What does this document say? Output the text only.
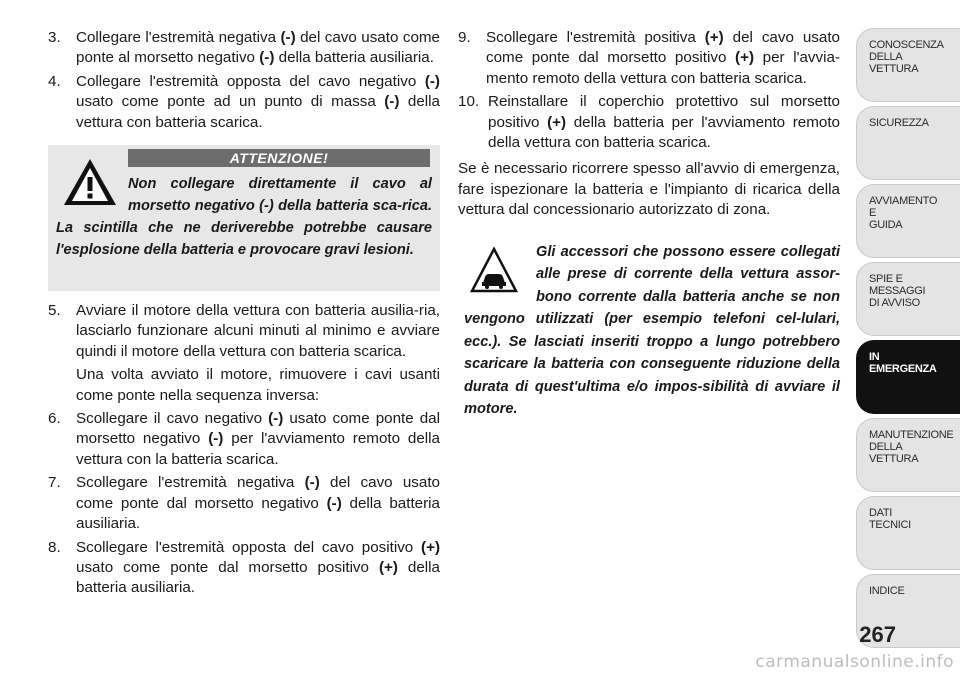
3. Collegare l'estremità negativa (-) del cavo usato come ponte al morsetto negativo (-) della batteria ausiliaria.
4. Collegare l'estremità opposta del cavo negativo (-) usato come ponte ad un punto di massa (-) della vettura con batteria scarica.
ATTENZIONE!
Non collegare direttamente il cavo al morsetto negativo (-) della batteria sca-rica. La scintilla che ne deriverebbe potrebbe causare l'esplosione della batteria e provocare gravi lesioni.
5. Avviare il motore della vettura con batteria ausilia-ria, lasciarlo funzionare alcuni minuti al minimo e avviare quindi il motore della vettura con batteria scarica.
Una volta avviato il motore, rimuovere i cavi usanti come ponte nella sequenza inversa:
6. Scollegare il cavo negativo (-) usato come ponte dal morsetto negativo (-) per l'avviamento remoto della vettura con la batteria scarica.
7. Scollegare l'estremità negativa (-) del cavo usato come ponte dal morsetto negativo (-) della batteria ausiliaria.
8. Scollegare l'estremità opposta del cavo positivo (+) usato come ponte dal morsetto positivo (+) della batteria ausiliaria.
9. Scollegare l'estremità positiva (+) del cavo usato come ponte dal morsetto positivo (+) per l'avvia-mento remoto della vettura con batteria scarica.
10. Reinstallare il coperchio protettivo sul morsetto positivo (+) della batteria per l'avviamento remoto della vettura con batteria scarica.
Se è necessario ricorrere spesso all'avvio di emergenza, fare ispezionare la batteria e l'impianto di ricarica della vettura dal concessionario autorizzato di zona.
Gli accessori che possono essere collegati alle prese di corrente della vettura assor-bono corrente dalla batteria anche se non vengono utilizzati (per esempio telefoni cel-lulari, ecc.). Se lasciati inseriti troppo a lungo potrebbero scaricare la batteria con conseguente riduzione della durata di quest'ultima e/o impos-sibilità di avviare il motore.
CONOSCENZA
DELLA
VETTURA
SICUREZZA
AVVIAMENTO
E
GUIDA
SPIE E
MESSAGGI
DI AVVISO
IN
EMERGENZA
MANUTENZIONE
DELLA
VETTURA
DATI
TECNICI
INDICE
267
carmanualsonline.info
